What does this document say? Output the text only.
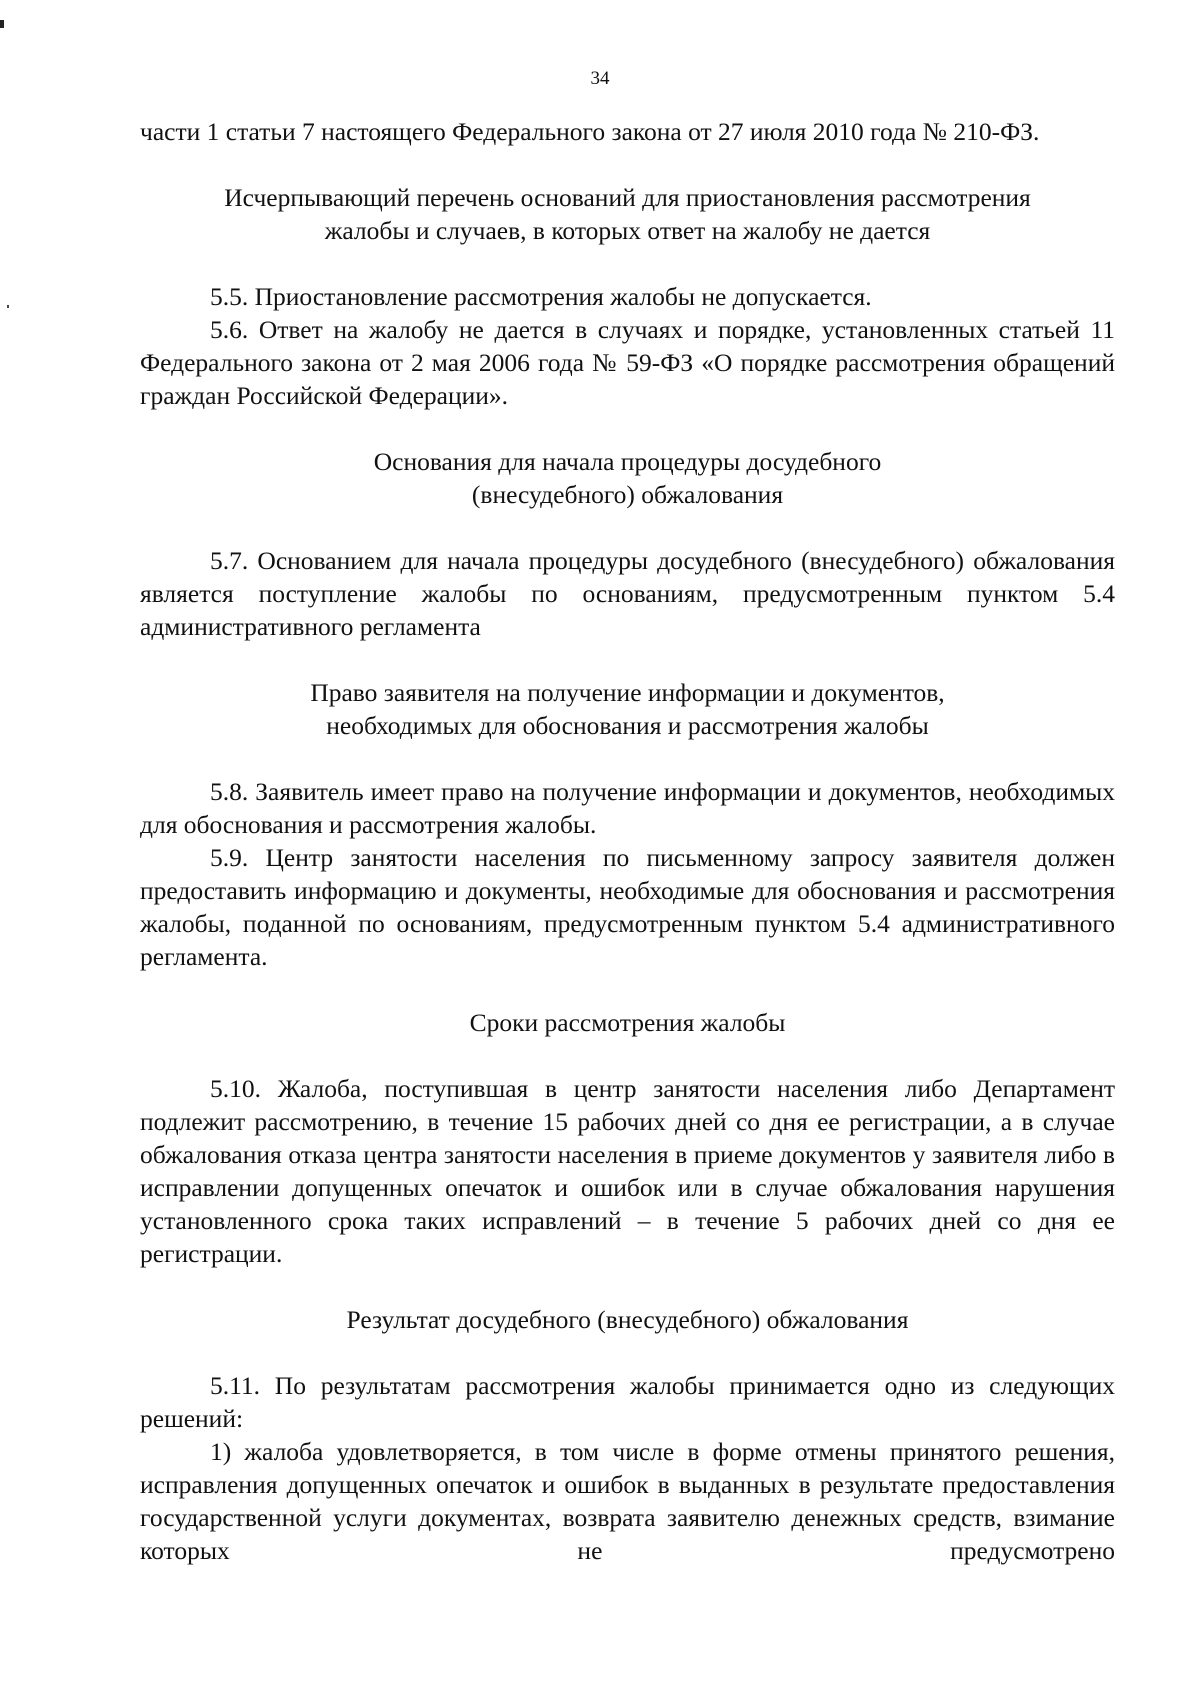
34

части 1 статьи 7 настоящего Федерального закона от 27 июля 2010 года № 210-ФЗ.

Исчерпывающий перечень оснований для приостановления рассмотрения
жалобы и случаев, в которых ответ на жалобу не дается

5.5. Приостановление рассмотрения жалобы не допускается.

5.6. Ответ на жалобу не дается в случаях и порядке, установленных статьей 11 Федерального закона от 2 мая 2006 года № 59-ФЗ «О порядке рассмотрения обращений граждан Российской Федерации».

Основания для начала процедуры досудебного
(внесудебного) обжалования

5.7. Основанием для начала процедуры досудебного (внесудебного) обжалования является поступление жалобы по основаниям, предусмотренным пунктом 5.4 административного регламента

Право заявителя на получение информации и документов,
необходимых для обоснования и рассмотрения жалобы

5.8. Заявитель имеет право на получение информации и документов, необходимых для обоснования и рассмотрения жалобы.

5.9. Центр занятости населения по письменному запросу заявителя должен предоставить информацию и документы, необходимые для обоснования и рассмотрения жалобы, поданной по основаниям, предусмотренным пунктом 5.4 административного регламента.

Сроки рассмотрения жалобы

5.10. Жалоба, поступившая в центр занятости населения либо Департамент подлежит рассмотрению, в течение 15 рабочих дней со дня ее регистрации, а в случае обжалования отказа центра занятости населения в приеме документов у заявителя либо в исправлении допущенных опечаток и ошибок или в случае обжалования нарушения установленного срока таких исправлений – в течение 5 рабочих дней со дня ее регистрации.

Результат досудебного (внесудебного) обжалования

5.11. По результатам рассмотрения жалобы принимается одно из следующих решений:

1) жалоба удовлетворяется, в том числе в форме отмены принятого решения, исправления допущенных опечаток и ошибок в выданных в результате предоставления государственной услуги документах, возврата заявителю денежных средств, взимание которых не предусмотрено
